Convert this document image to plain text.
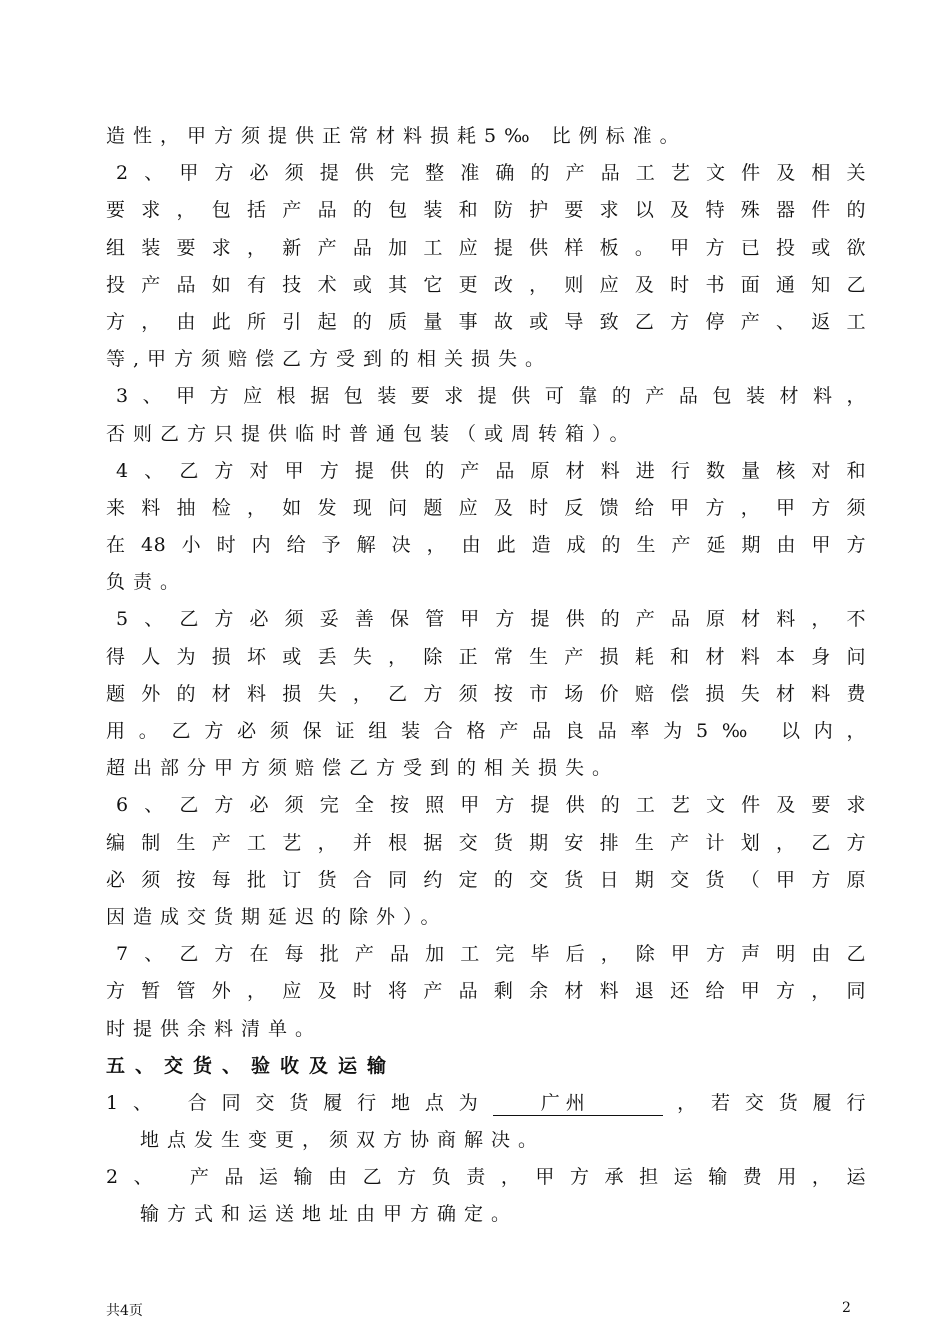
造性，甲方须提供正常材料损耗5‰ 比例标准。
2、甲方必须提供完整准确的产品工艺文件及相关
要求，包括产品的包装和防护要求以及特殊器件的
组装要求，新产品加工应提供样板。甲方已投或欲
投产品如有技术或其它更改，则应及时书面通知乙
方，由此所引起的质量事故或导致乙方停产、返工
等,甲方须赔偿乙方受到的相关损失。
3、甲方应根据包装要求提供可靠的产品包装材料，
否则乙方只提供临时普通包装（或周转箱）。
4、乙方对甲方提供的产品原材料进行数量核对和
来料抽检，如发现问题应及时反馈给甲方，甲方须
在48小时内给予解决，由此造成的生产延期由甲方
负责。
5、乙方必须妥善保管甲方提供的产品原材料，不
得人为损坏或丢失，除正常生产损耗和材料本身问
题外的材料损失，乙方须按市场价赔偿损失材料费
用。乙方必须保证组装合格产品良品率为5‰ 以内，
超出部分甲方须赔偿乙方受到的相关损失。
6、乙方必须完全按照甲方提供的工艺文件及要求
编制生产工艺，并根据交货期安排生产计划，乙方
必须按每批订货合同约定的交货日期交货（甲方原
因造成交货期延迟的除外）。
7、乙方在每批产品加工完毕后，除甲方声明由乙
方暂管外，应及时将产品剩余材料退还给甲方，同
时提供余料清单。
五、交货、验收及运输
1、 合同交货履行地点为	广州	，若交货履行
地点发生变更，须双方协商解决。
2、 产品运输由乙方负责，甲方承担运输费用，运
输方式和运送地址由甲方确定。
共4页	2
